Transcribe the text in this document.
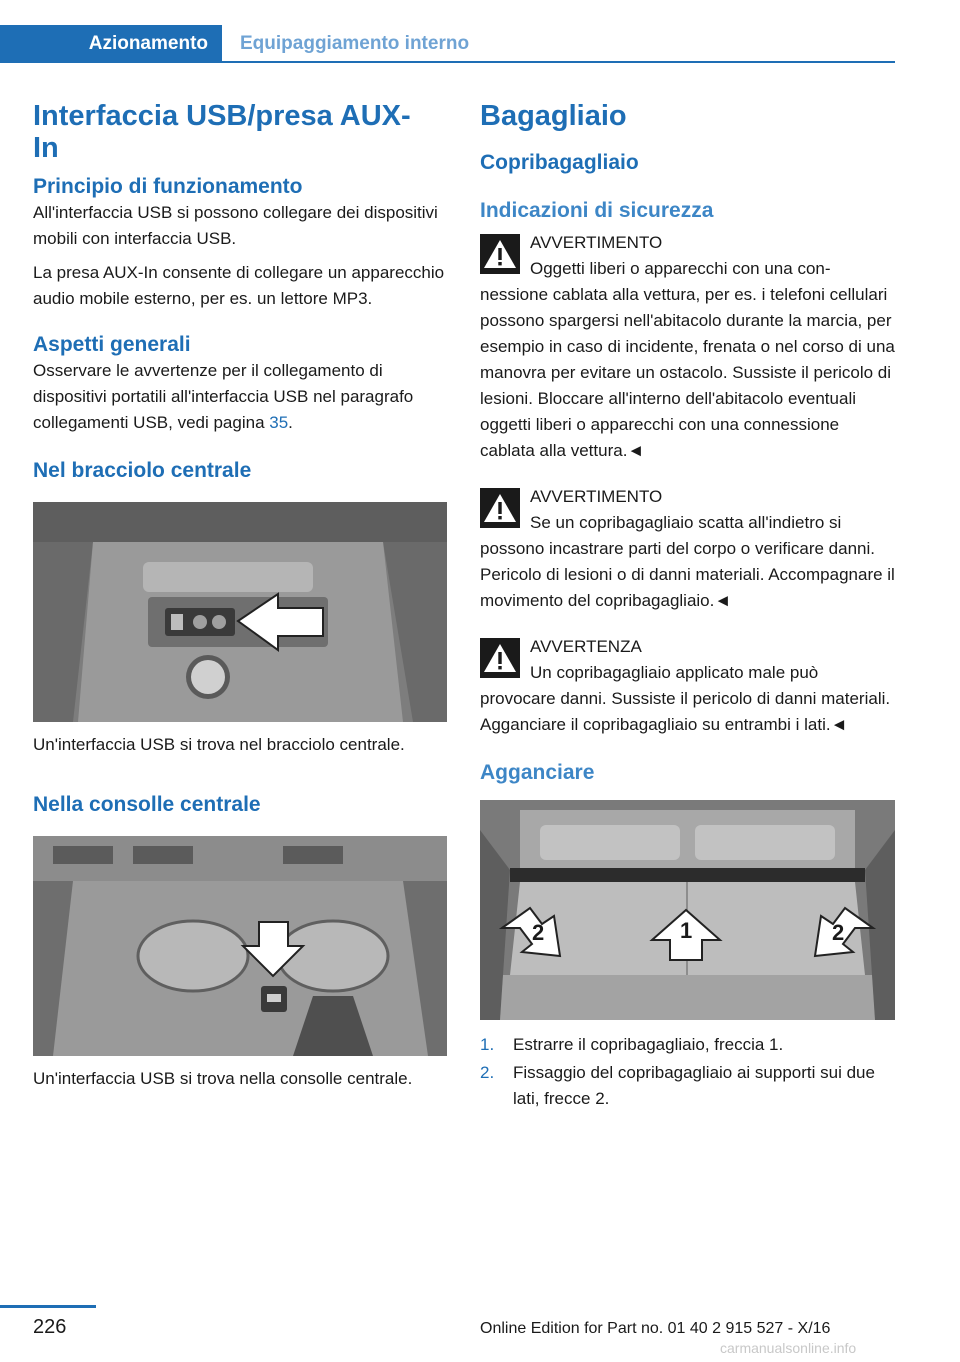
Azionamento Equipaggiamento interno
Interfaccia USB/presa AUX-In
Principio di funzionamento

All'interfaccia USB si possono collegare dei dispositivi mobili con interfaccia USB.

La presa AUX-In consente di collegare un apparecchio audio mobile esterno, per es. un lettore MP3.

Aspetti generali

Osservare le avvertenze per il collegamento di dispositivi portatili all'interfaccia USB nel paragrafo collegamenti USB, vedi pagina 35.

Nel bracciolo centrale

Un'interfaccia USB si trova nel bracciolo centrale.

Nella consolle centrale

Un'interfaccia USB si trova nella consolle centrale.

Bagagliaio
Copribagagliaio
Indicazioni di sicurezza
AVVERTIMENTO
Oggetti liberi o apparecchi con una con-
nessione cablata alla vettura, per es. i telefoni cellulari possono spargersi nell'abitacolo durante la marcia, per esempio in caso di incidente, frenata o nel corso di una manovra per evitare un ostacolo. Sussiste il pericolo di lesioni. Bloccare all'interno dell'abitacolo eventuali oggetti liberi o apparecchi con una connessione cablata alla vettura.◄
AVVERTIMENTO
Se un copribagagliaio scatta all'indietro si
possono incastrare parti del corpo o verificare danni. Pericolo di lesioni o di danni materiali. Accompagnare il movimento del copribagagliaio.◄
AVVERTENZA
Un copribagagliaio applicato male può
provocare danni. Sussiste il pericolo di danni materiali. Agganciare il copribagagliaio su entrambi i lati.◄
Agganciare
2	1	2
1. Estrarre il copribagagliaio, freccia 1.
2. Fissaggio del copribagagliaio ai supporti sui due lati, frecce 2.
226	Online Edition for Part no. 01 40 2 915 527 - X/16
carmanualsonline.info
